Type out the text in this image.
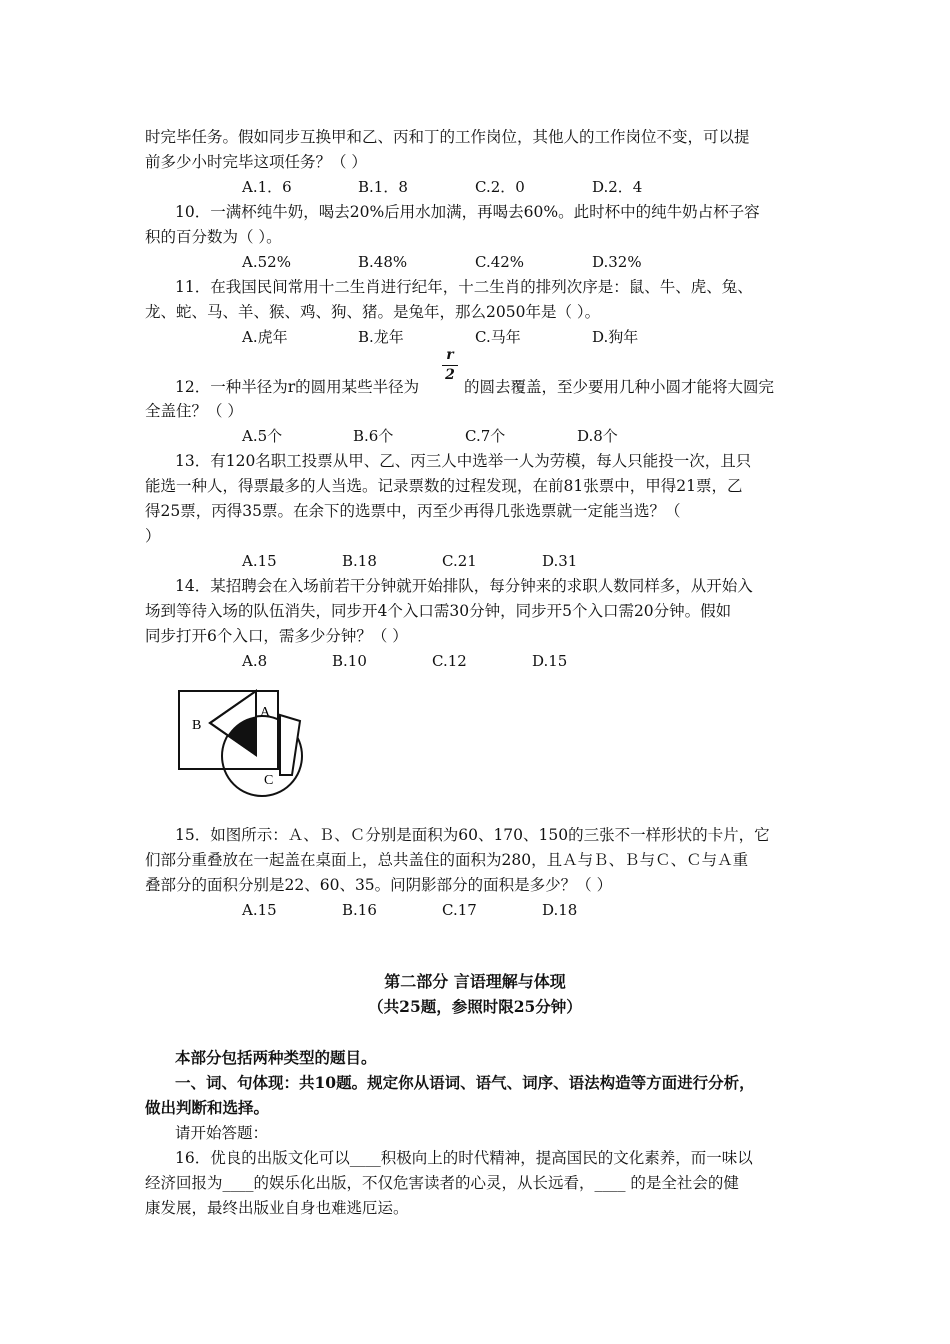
时完毕任务。假如同步互换甲和乙、丙和丁的工作岗位，其他人的工作岗位不变，可以提
前多少小时完毕这项任务？（ ）
A.1．6	B.1．8	C.2．0	D.2．4
10．一满杯纯牛奶，喝去20%后用水加满，再喝去60%。此时杯中的纯牛奶占杯子容
积的百分数为（ ）。
A.52%	B.48%	C.42%	D.32%
11．在我国民间常用十二生肖进行纪年，十二生肖的排列次序是：鼠、牛、虎、兔、
龙、蛇、马、羊、猴、鸡、狗、猪。是兔年，那么2050年是（ ）。
A.虎年	B.龙年	C.马年	D.狗年
12．一种半径为r的圆用某些半径为
r
2
的圆去覆盖，至少要用几种小圆才能将大圆完
全盖住？（ ）
A.5个	B.6个	C.7个	D.8个
13．有120名职工投票从甲、乙、丙三人中选举一人为劳模，每人只能投一次，且只
能选一种人，得票最多的人当选。记录票数的过程发现，在前81张票中，甲得21票，乙
得25票，丙得35票。在余下的选票中，丙至少再得几张选票就一定能当选？（
）
A.15	B.18	C.21	D.31
14．某招聘会在入场前若干分钟就开始排队，每分钟来的求职人数同样多，从开始入
场到等待入场的队伍消失，同步开4个入口需30分钟，同步开5个入口需20分钟。假如
同步打开6个入口，需多少分钟？（ ）
A.8	B.10	C.12	D.15
B
A
C
15．如图所示：Ａ、Ｂ、Ｃ分别是面积为60、170、150的三张不一样形状的卡片，它
们部分重叠放在一起盖在桌面上，总共盖住的面积为280，且Ａ与Ｂ、Ｂ与Ｃ、Ｃ与Ａ重
叠部分的面积分别是22、60、35。问阴影部分的面积是多少？（ ）
A.15	B.16	C.17	D.18
第二部分 言语理解与体现
（共25题，参照时限25分钟）
本部分包括两种类型的题目。
一、词、句体现：共10题。规定你从语词、语气、词序、语法构造等方面进行分析，
做出判断和选择。
请开始答题：
16．优良的出版文化可以____积极向上的时代精神，提高国民的文化素养，而一味以
经济回报为____的娱乐化出版，不仅危害读者的心灵，从长远看，____ 的是全社会的健
康发展，最终出版业自身也难逃厄运。
